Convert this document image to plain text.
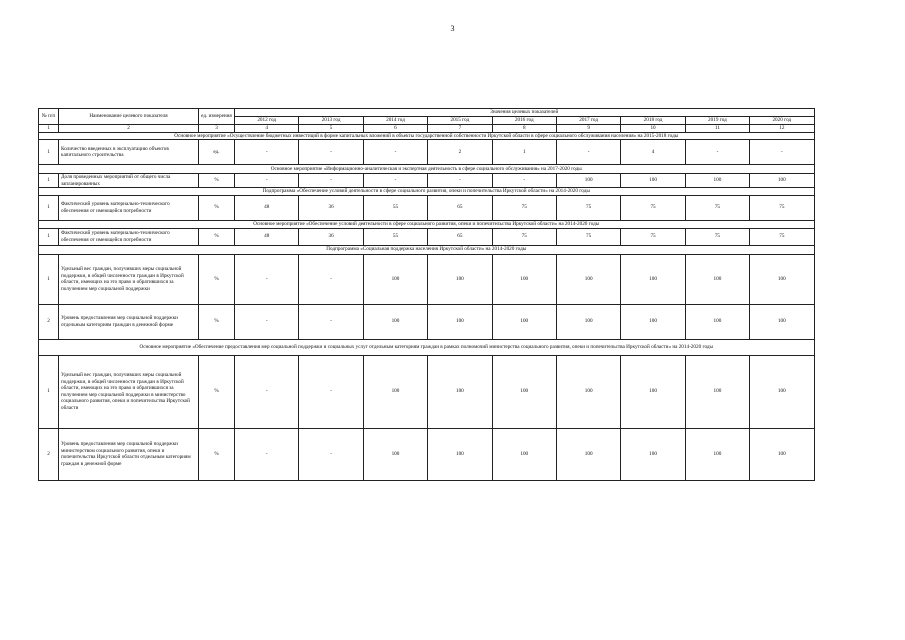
3
№ п/п	Наименование целевого показателя	ед. измерения	Значения целевых показателей								
			2012 год	2013 год	2014 год	2015 год	2016 год	2017 год	2018 год	2019 год	2020 год
1	2	3	4	5	6	7	8	9	10	11	12
Основное мероприятие «Осуществление бюджетных инвестиций в форме капитальных вложений в объекты государственной собственности Иркутской области в сфере социального обслуживания населения» на 2015-2018 годы											
1	Количество введенных в эксплуатацию объектов капитального строительства	ед.	-	-	-	2	1	-	4	-	-
Основное мероприятие «Информационно-аналитическая и экспертная деятельность в сфере социального обслуживания» на 2017-2020 годы											
1	Доля проведенных мероприятий от общего числа запланированных	%	-	-	-	-	-	100	100	100	100
Подпрограмма «Обеспечение условий деятельности в сфере социального развития, опеки и попечительства Иркутской области» на 2014-2020 годы											
1	Фактический уровень материально-технического обеспечения от имеющейся потребности	%	48	36	55	65	75	75	75	75	75
Основное мероприятие «Обеспечение условий деятельности в сфере социального развития, опеки и попечительства Иркутской области» на 2014-2020 годы											
1	Фактический уровень материально-технического обеспечения от имеющейся потребности	%	48	36	55	65	75	75	75	75	75
Подпрограмма «Социальная поддержка населения Иркутской области» на 2014-2020 годы											
1	Удельный вес граждан, получивших меры социальной поддержки, в общей численности граждан в Иркутской области, имеющих на это право и обратившихся за получением мер социальной поддержки	%	-	-	100	100	100	100	100	100	100
2	Уровень предоставления мер социальной поддержки отдельным категориям граждан в денежной форме	%	-	-	100	100	100	100	100	100	100
Основное мероприятие «Обеспечение предоставления мер социальной поддержки и социальных услуг отдельным категориям граждан в рамках полномочий министерства социального развития, опеки и попечительства Иркутской области» на 2014-2020 годы											
1	Удельный вес граждан, получивших меры социальной поддержки, в общей численности граждан в Иркутской области, имеющих на это право и обратившихся за получением мер социальной поддержки в министерство социального развития, опеки и попечительства Иркутской области	%	-	-	100	100	100	100	100	100	100
2	Уровень предоставления мер социальной поддержки министерством социального развития, опеки и попечительства Иркутской области отдельным категориям граждан в денежной форме	%	-	-	100	100	100	100	100	100	100
